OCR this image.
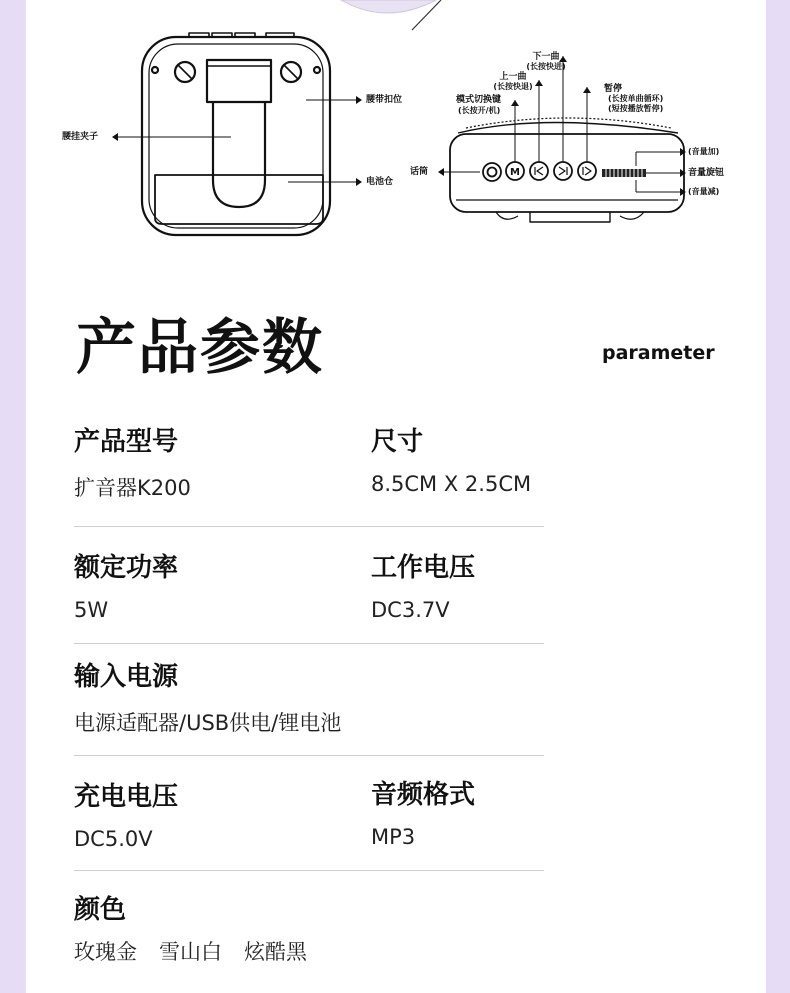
M
腰带扣位
腰挂夹子
电池仓
下一曲
(长按快进)
上一曲
(长按快退)
模式切换键
(长按开/机)
暂停
(长按单曲循环)
(短按播放暂停)
话筒
(音量加)
音量旋钮
(音量减)
产品参数	parameter
产品型号
扩音器K200
尺寸
8.5CM X 2.5CM
额定功率
5W
工作电压
DC3.7V
输入电源
电源适配器/USB供电/锂电池
充电电压
DC5.0V
音频格式
MP3
颜色
玫瑰金 雪山白 炫酷黑
